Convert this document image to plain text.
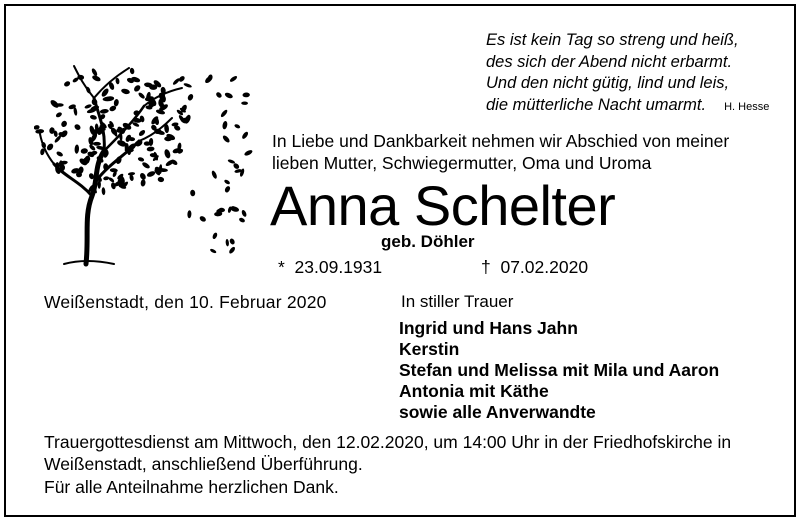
Es ist kein Tag so streng und heiß,
des sich der Abend nicht erbarmt.
Und den nicht gütig, lind und leis,
die mütterliche Nacht umarmt. H. Hesse
In Liebe und Dankbarkeit nehmen wir Abschied von meiner
lieben Mutter, Schwiegermutter, Oma und Uroma
Anna Schelter
geb. Döhler
* 23.09.1931	† 07.02.2020
Weißenstadt, den 10. Februar 2020	In stiller Trauer
Ingrid und Hans Jahn
Kerstin
Stefan und Melissa mit Mila und Aaron
Antonia mit Käthe
sowie alle Anverwandte
Trauergottesdienst am Mittwoch, den 12.02.2020, um 14:00 Uhr in der Friedhofskirche in
Weißenstadt, anschließend Überführung.
Für alle Anteilnahme herzlichen Dank.
